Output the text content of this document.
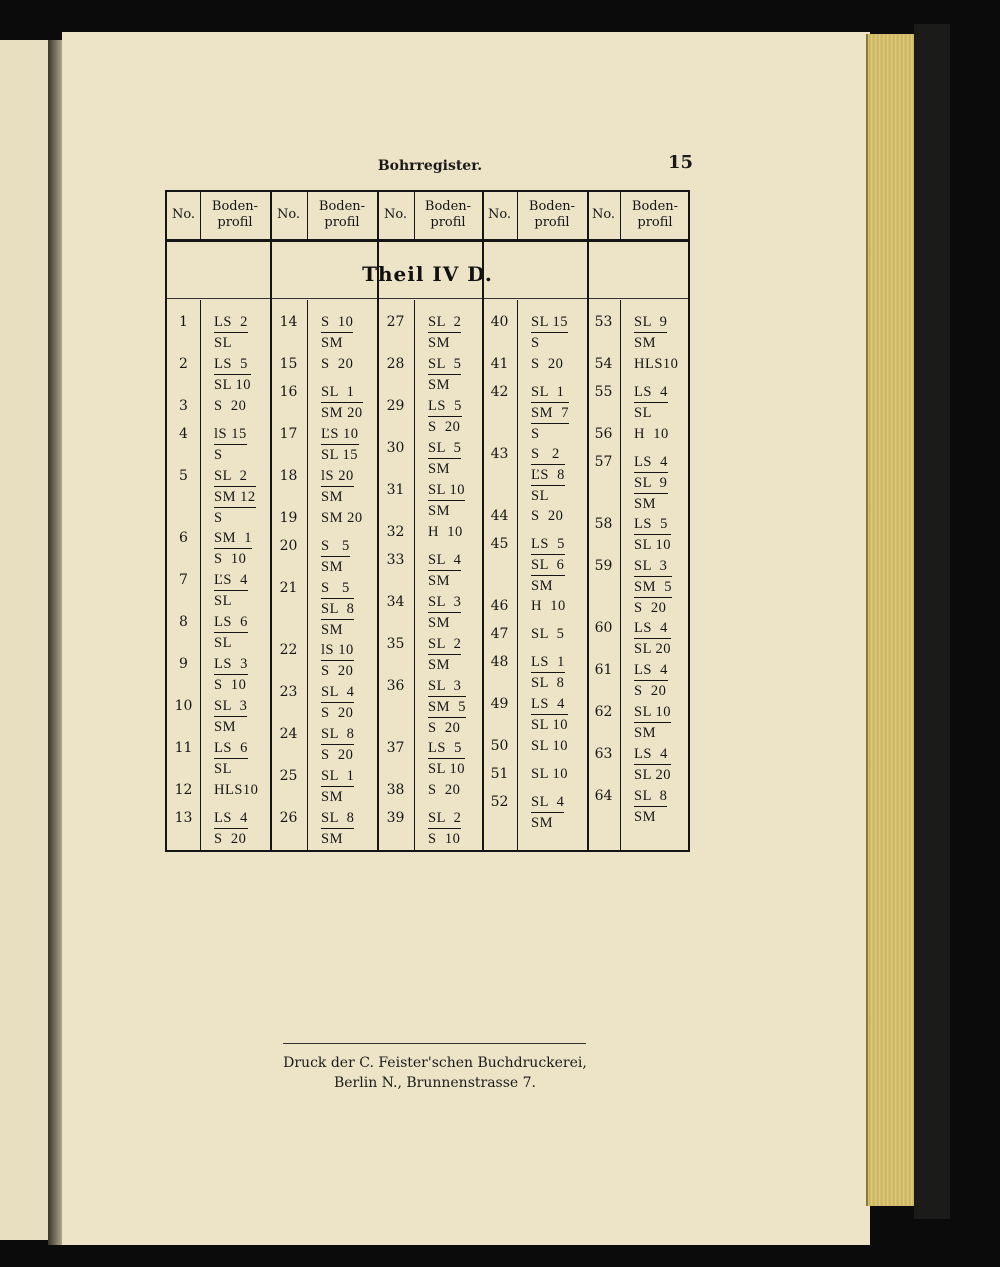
Bohrregister.	15
Theil IV D.
No.
Boden-
profil
1	LS  2
SL
2	LS  5
SL 10
3	S  20
4	lS 15
S
5	SL  2
SM 12
S
6	SM  1
S  10
7	ĽS  4
SL
8	LS  6
SL
9	LS  3
S  10
10	SL  3
SM
11	LS  6
SL
12	HLS10
13	LS  4
S  20
No.
Boden-
profil
14	S  10
SM
15	S  20
16	SL  1
SM 20
17	ĽS 10
SL 15
18	lS 20
SM
19	SM 20
20	S   5
SM
21	S   5
SL  8
SM
22	lS 10
S  20
23	SL  4
S  20
24	SL  8
S  20
25	SL  1
SM
26	SL  8
SM
No.
Boden-
profil
27	SL  2
SM
28	SL  5
SM
29	LS  5
S  20
30	SL  5
SM
31	SL 10
SM
32	H  10
33	SL  4
SM
34	SL  3
SM
35	SL  2
SM
36	SL  3
SM  5
S  20
37	LS  5
SL 10
38	S  20
39	SL  2
S  10
No.
Boden-
profil
40	SL 15
S
41	S  20
42	SL  1
SM  7
S
43	S   2
ĽS  8
SL
44	S  20
45	LS  5
SL  6
SM
46	H  10
47	SL  5
48	LS  1
SL  8
49	LS  4
SL 10
50	SL 10
51	SL 10
52	SL  4
SM
No.
Boden-
profil
53	SL  9
SM
54	HLS10
55	LS  4
SL
56	H  10
57	LS  4
SL  9
SM
58	LS  5
SL 10
59	SL  3
SM  5
S  20
60	LS  4
SL 20
61	LS  4
S  20
62	SL 10
SM
63	LS  4
SL 20
64	SL  8
SM
Druck der C. Feister'schen Buchdruckerei,
Berlin N., Brunnenstrasse 7.
